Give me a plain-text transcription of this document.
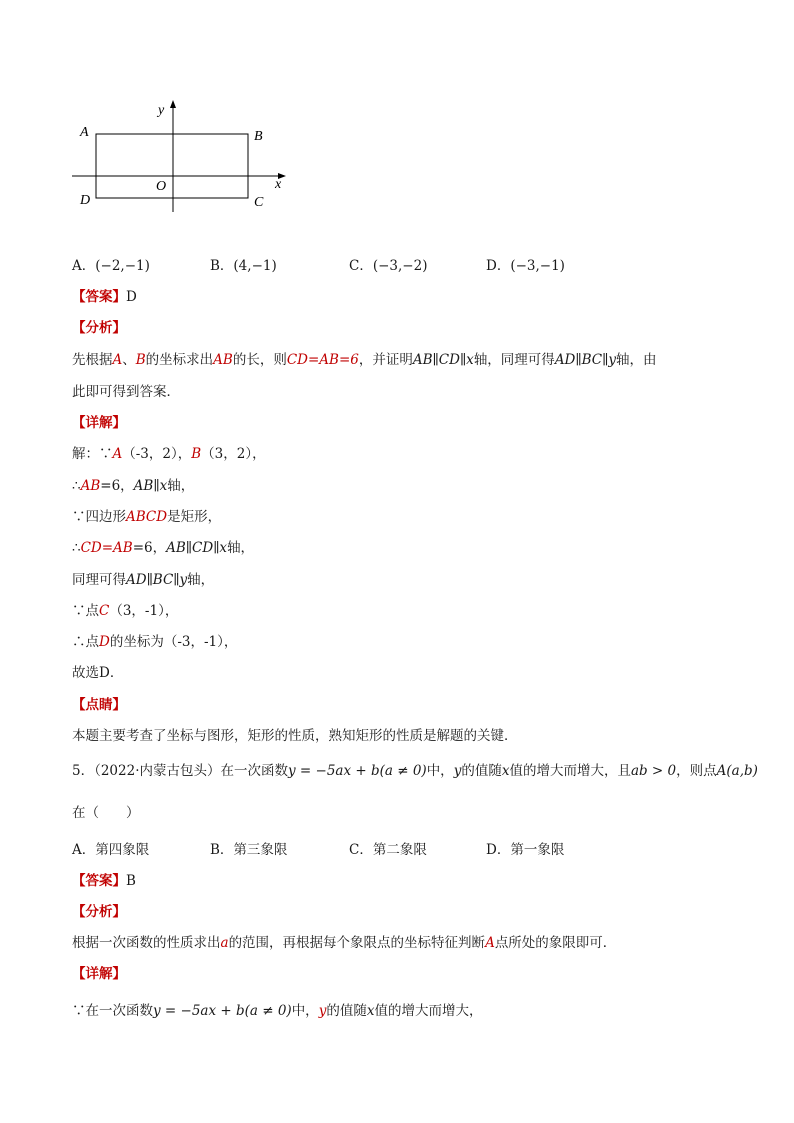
A	B
C
D
O	x
y
A．(−2,−1)	B．(4,−1)	C．(−3,−2)	D．(−3,−1)
【答案】D
【分析】
先根据A、B的坐标求出AB的长，则CD=AB=6，并证明AB∥CD∥x轴，同理可得AD∥BC∥y轴，由
此即可得到答案．
【详解】
解：∵A（-3，2），B（3，2），
∴AB=6，AB∥x轴，
∵四边形ABCD是矩形，
∴CD=AB=6，AB∥CD∥x轴，
同理可得AD∥BC∥y轴，
∵点C（3，-1），
∴点D的坐标为（-3，-1），
故选D．
【点睛】
本题主要考查了坐标与图形，矩形的性质，熟知矩形的性质是解题的关键．
5．（2022·内蒙古包头）在一次函数y = −5ax + b(a ≠ 0)中，y的值随x值的增大而增大，且ab > 0，则点A(a,b)
在（　　）
A．第四象限	B．第三象限	C．第二象限	D．第一象限
【答案】B
【分析】
根据一次函数的性质求出a的范围，再根据每个象限点的坐标特征判断A点所处的象限即可．
【详解】
∵在一次函数y = −5ax + b(a ≠ 0)中，y的值随x值的增大而增大，
